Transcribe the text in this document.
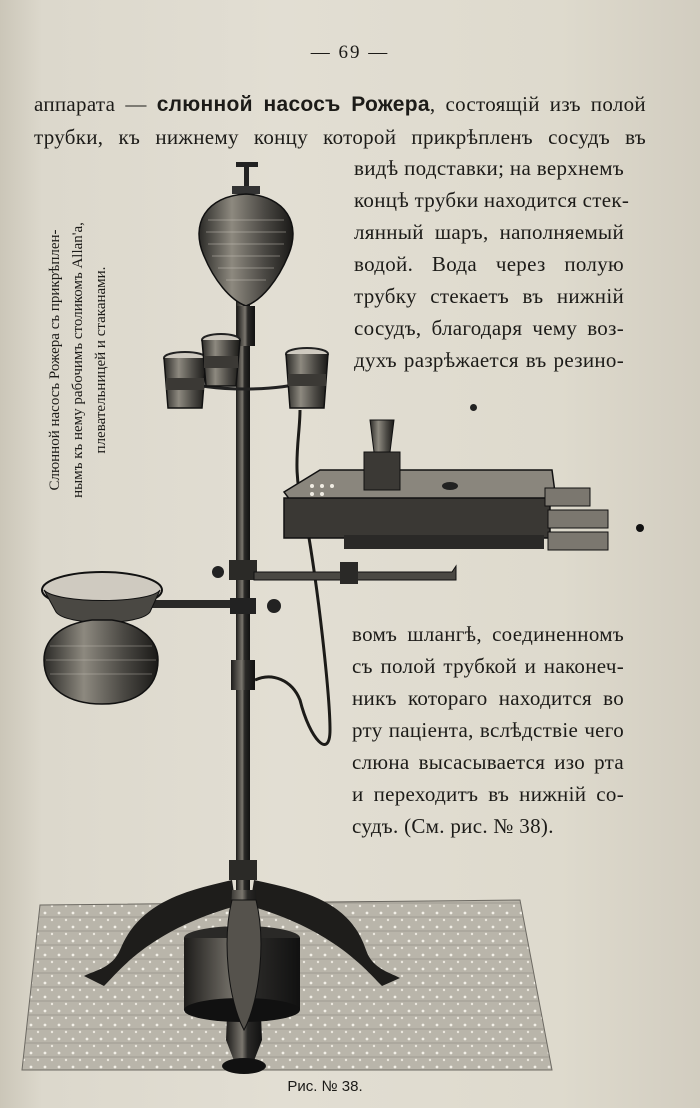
— 69 —
аппарата — слюнной насосъ Рожера, состоящій изъ полой
трубки, къ нижнему концу которой прикрѣпленъ сосудъ въ
видѣ подставки; на верхнемъ
концѣ трубки находится стек-
лянный шаръ, наполняемый
водой. Вода через полую
трубку стекаетъ въ нижній
сосудъ, благодаря чему воз-
духъ разрѣжается въ резино-
вомъ шлангѣ, соединенномъ
съ полой трубкой и наконеч-
никъ котораго находится во
рту пацiента, вслѣдствіе чего
слюна высасывается изо рта
и переходитъ въ нижній со-
судъ. (См. рис. № 38).
Слюнной насосъ Рожера съ прикрѣплен- нымъ къ нему рабочимъ столикомъ Allan'a, плевательницей и стаканами.
Рис. № 38.
